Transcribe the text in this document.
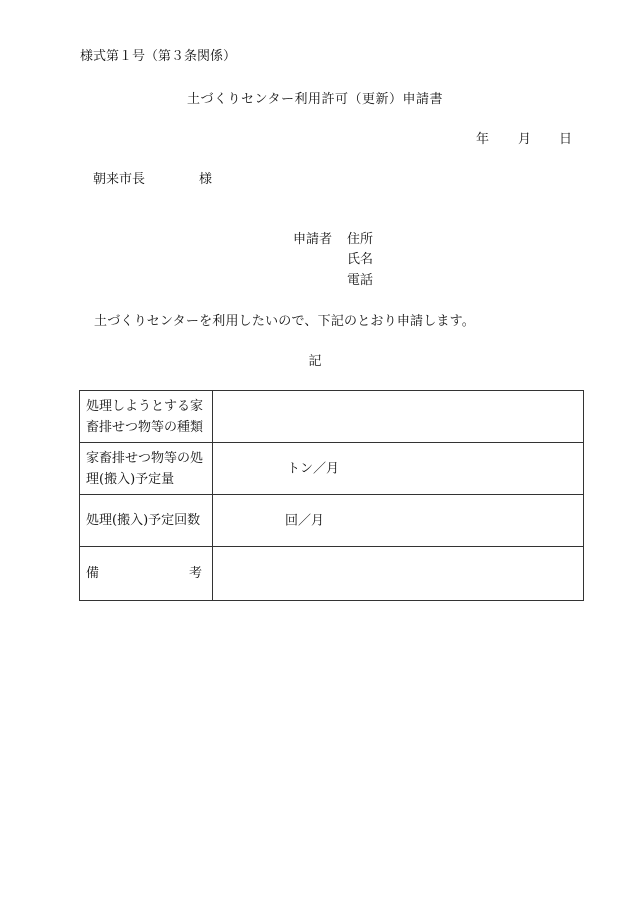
様式第１号（第３条関係）
土づくりセンター利用許可（更新）申請書
年 月 日
朝来市長	様
申請者 住所
氏名
電話
土づくりセンターを利用したいので、下記のとおり申請します。
記
処理しようとする家畜排せつ物等の種類	
家畜排せつ物等の処理(搬入)予定量	トン／月

処理(搬入)予定回数	回／月

備 考	
